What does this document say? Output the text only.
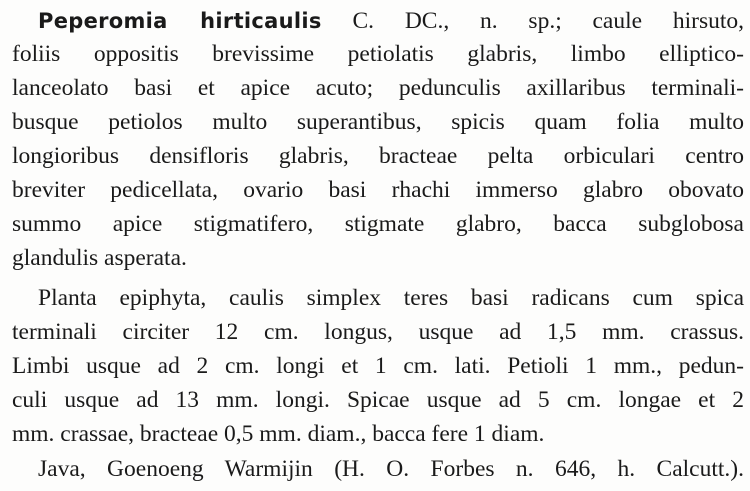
Peperomia hirticaulis C. DC., n. sp.; caule hirsuto,
foliis oppositis brevissime petiolatis glabris, limbo elliptico-
lanceolato basi et apice acuto; pedunculis axillaribus terminali-
busque petiolos multo superantibus, spicis quam folia multo
longioribus densifloris glabris, bracteae pelta orbiculari centro
breviter pedicellata, ovario basi rhachi immerso glabro obovato
summo apice stigmatifero, stigmate glabro, bacca subglobosa
glandulis asperata.
Planta epiphyta, caulis simplex teres basi radicans cum spica
terminali circiter 12 cm. longus, usque ad 1,5 mm. crassus.
Limbi usque ad 2 cm. longi et 1 cm. lati. Petioli 1 mm., pedun-
culi usque ad 13 mm. longi. Spicae usque ad 5 cm. longae et 2
mm. crassae, bracteae 0,5 mm. diam., bacca fere 1 diam.
Java, Goenoeng Warmijin (H. O. Forbes n. 646, h. Calcutt.).
